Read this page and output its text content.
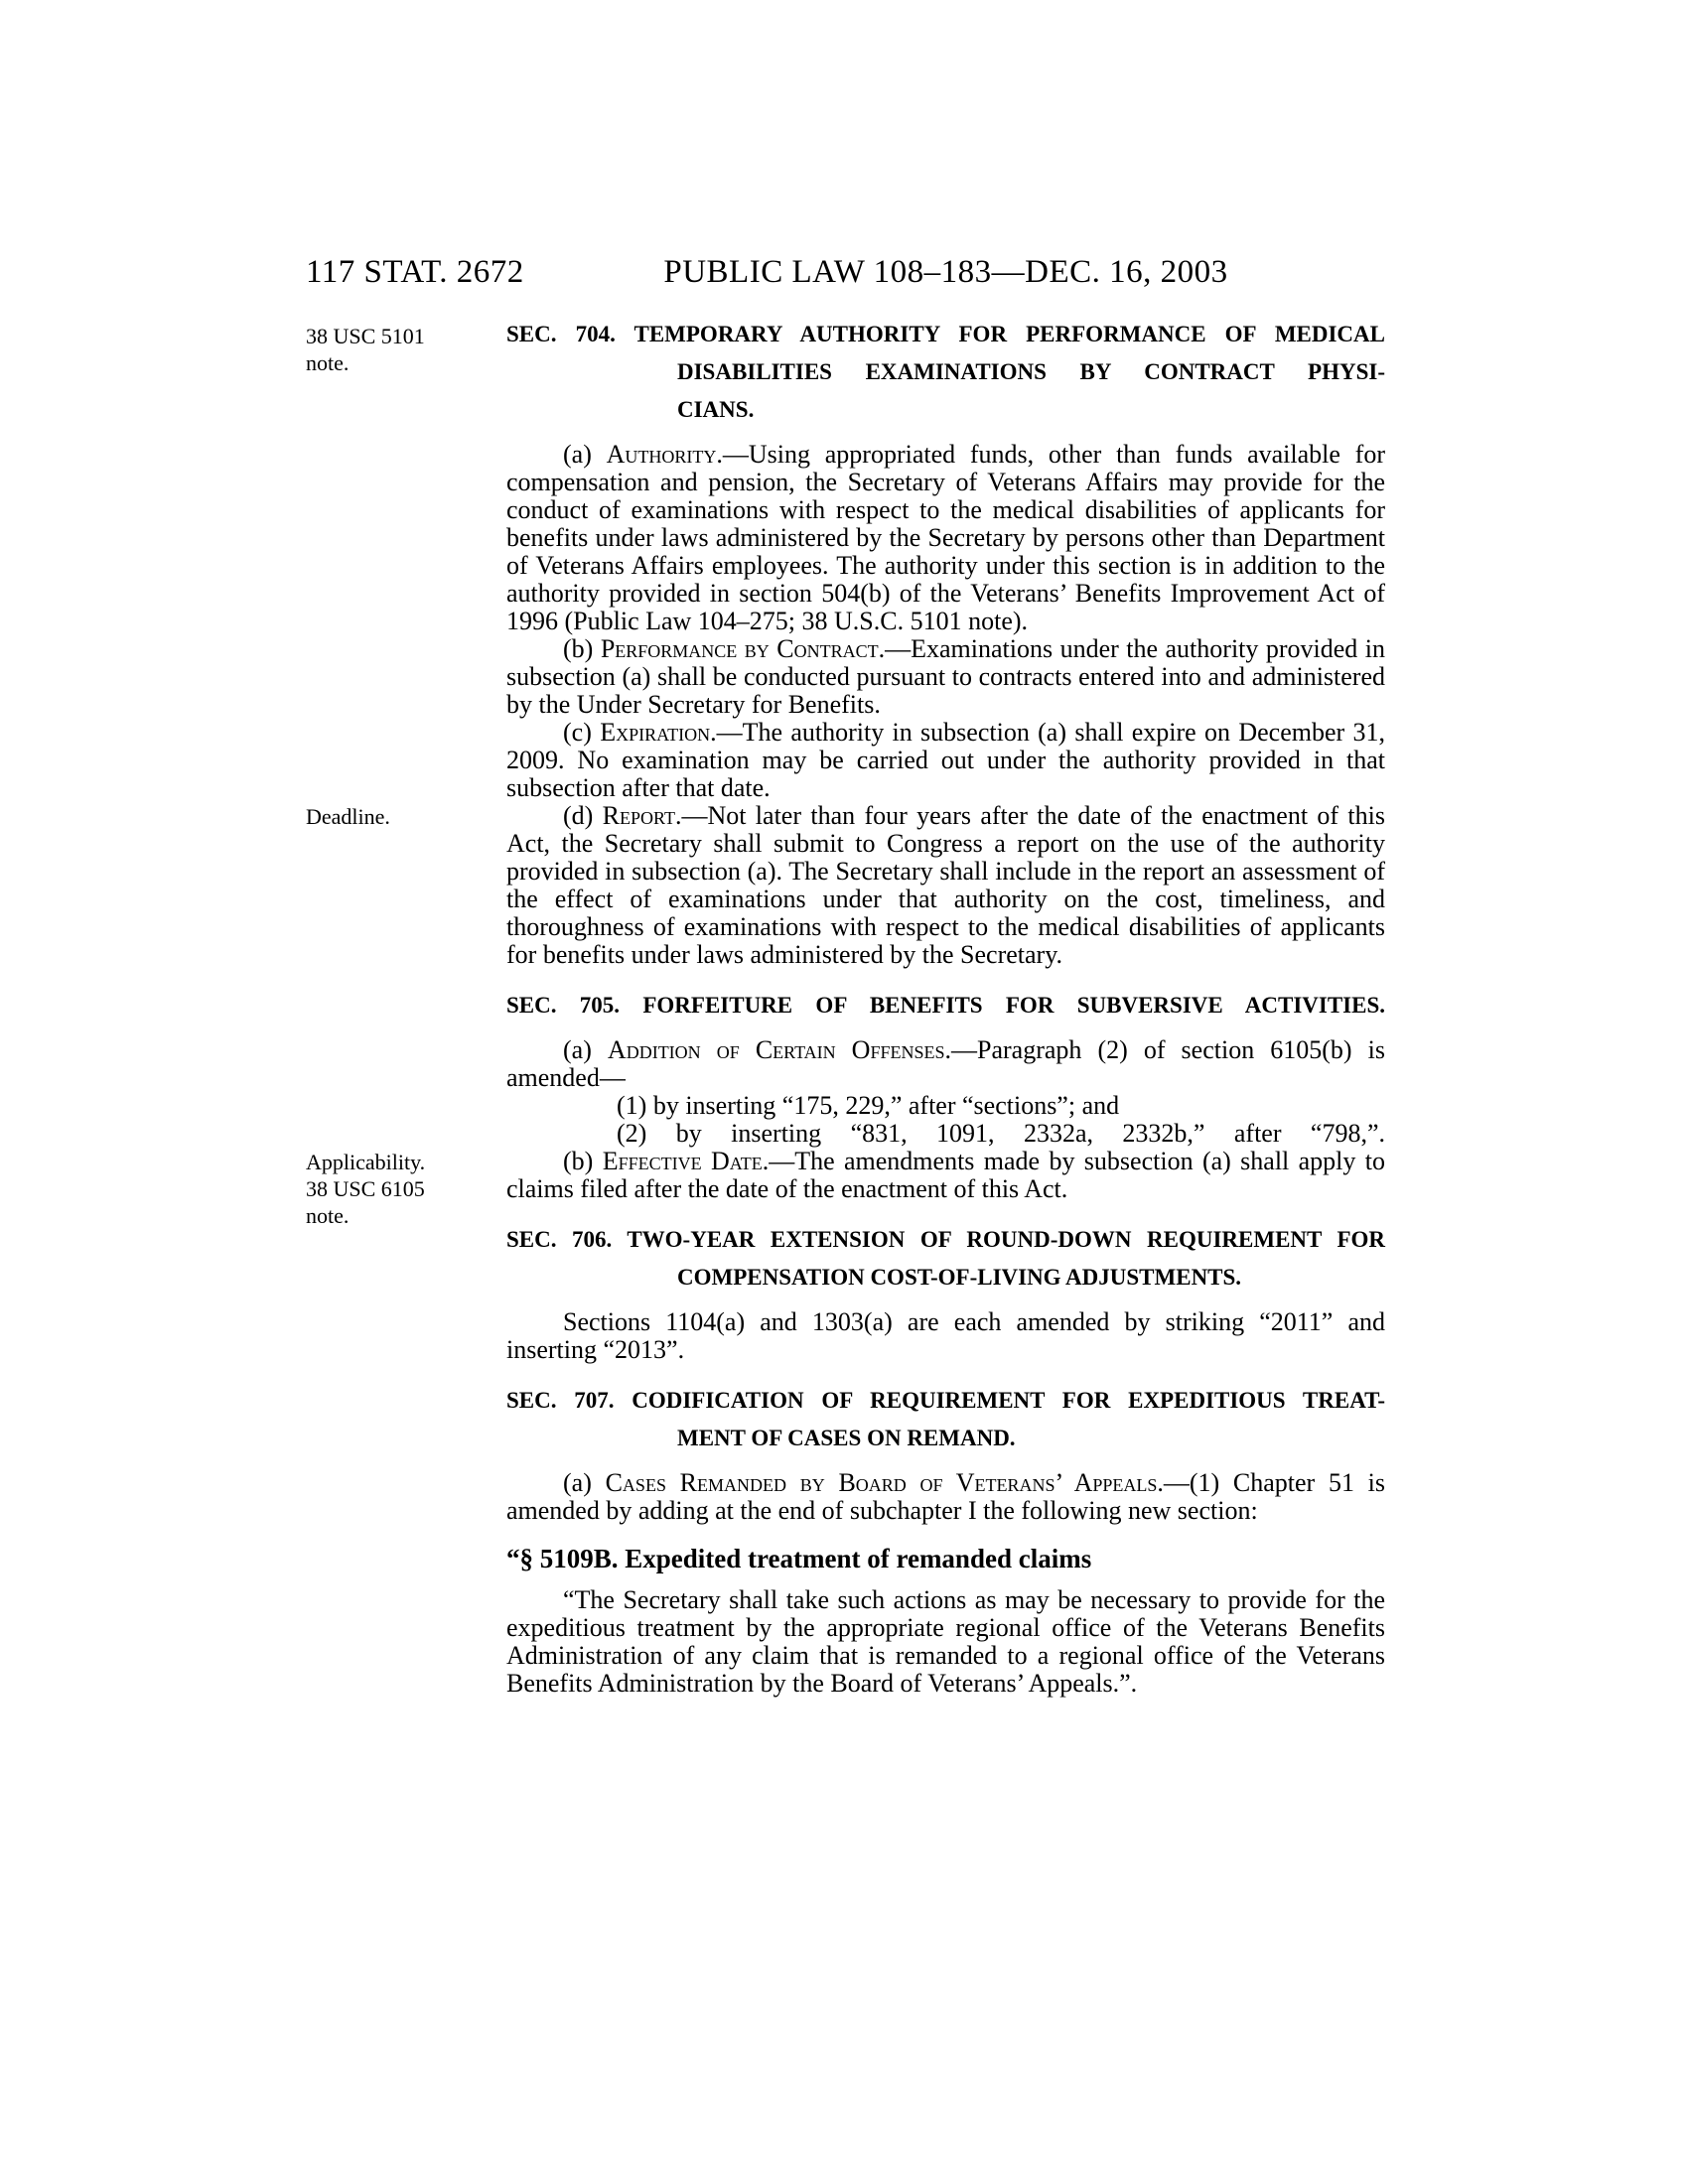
117 STAT. 2672	PUBLIC LAW 108–183—DEC. 16, 2003
SEC. 704. TEMPORARY AUTHORITY FOR PERFORMANCE OF MEDICAL
DISABILITIES EXAMINATIONS BY CONTRACT PHYSI-
CIANS.
38 USC 5101
note.
(a) Authority.—Using appropriated funds, other than funds available for compensation and pension, the Secretary of Veterans Affairs may provide for the conduct of examinations with respect to the medical disabilities of applicants for benefits under laws administered by the Secretary by persons other than Department of Veterans Affairs employees. The authority under this section is in addition to the authority provided in section 504(b) of the Veterans’ Benefits Improvement Act of 1996 (Public Law 104–275; 38 U.S.C. 5101 note).
(b) Performance by Contract.—Examinations under the authority provided in subsection (a) shall be conducted pursuant to contracts entered into and administered by the Under Secretary for Benefits.
(c) Expiration.—The authority in subsection (a) shall expire on December 31, 2009. No examination may be carried out under the authority provided in that subsection after that date.
Deadline.	(d) Report.—Not later than four years after the date of the enactment of this Act, the Secretary shall submit to Congress a report on the use of the authority provided in subsection (a). The Secretary shall include in the report an assessment of the effect of examinations under that authority on the cost, timeliness, and thoroughness of examinations with respect to the medical disabilities of applicants for benefits under laws administered by the Secretary.
SEC. 705. FORFEITURE OF BENEFITS FOR SUBVERSIVE ACTIVITIES.
(a) Addition of Certain Offenses.—Paragraph (2) of section 6105(b) is amended—
(1) by inserting “175, 229,” after “sections”; and
(2) by inserting “831, 1091, 2332a, 2332b,” after “798,”.
Applicability.
38 USC 6105
note.
(b) Effective Date.—The amendments made by subsection (a) shall apply to claims filed after the date of the enactment of this Act.
SEC. 706. TWO-YEAR EXTENSION OF ROUND-DOWN REQUIREMENT FOR
COMPENSATION COST-OF-LIVING ADJUSTMENTS.
Sections 1104(a) and 1303(a) are each amended by striking “2011” and inserting “2013”.
SEC. 707. CODIFICATION OF REQUIREMENT FOR EXPEDITIOUS TREAT-
MENT OF CASES ON REMAND.
(a) Cases Remanded by Board of Veterans’ Appeals.—(1) Chapter 51 is amended by adding at the end of subchapter I the following new section:
“§ 5109B. Expedited treatment of remanded claims
“The Secretary shall take such actions as may be necessary to provide for the expeditious treatment by the appropriate regional office of the Veterans Benefits Administration of any claim that is remanded to a regional office of the Veterans Benefits Administration by the Board of Veterans’ Appeals.”.
